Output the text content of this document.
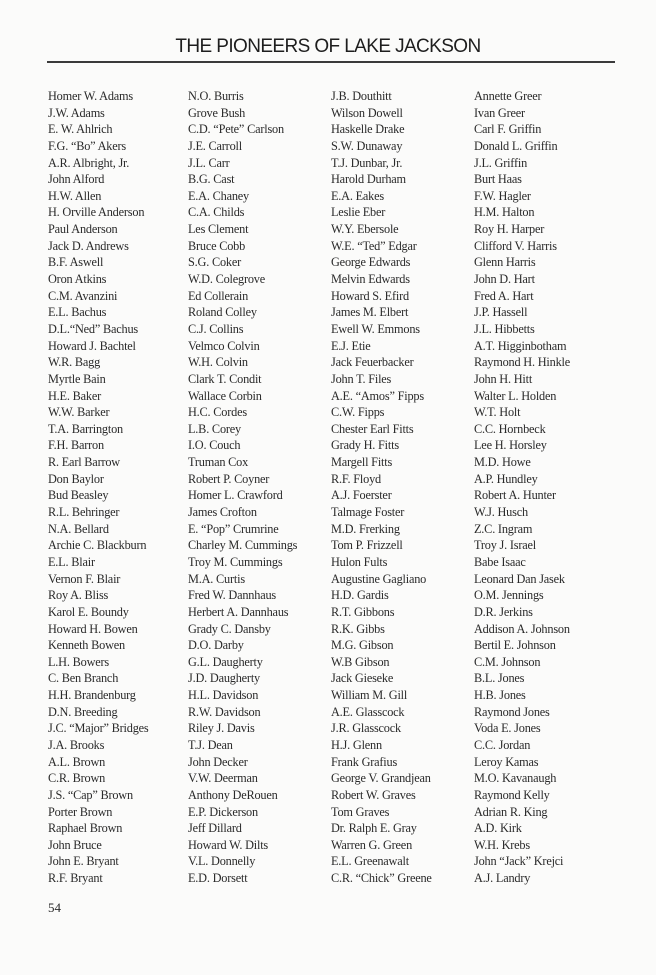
THE PIONEERS OF LAKE JACKSON
Homer W. Adams
J.W. Adams
E. W. Ahlrich
F.G. “Bo” Akers
A.R. Albright, Jr.
John Alford
H.W. Allen
H. Orville Anderson
Paul Anderson
Jack D. Andrews
B.F. Aswell
Oron Atkins
C.M. Avanzini
E.L. Bachus
D.L.“Ned” Bachus
Howard J. Bachtel
W.R. Bagg
Myrtle Bain
H.E. Baker
W.W. Barker
T.A. Barrington
F.H. Barron
R. Earl Barrow
Don Baylor
Bud Beasley
R.L. Behringer
N.A. Bellard
Archie C. Blackburn
E.L. Blair
Vernon F. Blair
Roy A. Bliss
Karol E. Boundy
Howard H. Bowen
Kenneth Bowen
L.H. Bowers
C. Ben Branch
H.H. Brandenburg
D.N. Breeding
J.C. “Major” Bridges
J.A. Brooks
A.L. Brown
C.R. Brown
J.S. “Cap” Brown
Porter Brown
Raphael Brown
John Bruce
John E. Bryant
R.F. Bryant
N.O. Burris
Grove Bush
C.D. “Pete” Carlson
J.E. Carroll
J.L. Carr
B.G. Cast
E.A. Chaney
C.A. Childs
Les Clement
Bruce Cobb
S.G. Coker
W.D. Colegrove
Ed Collerain
Roland Colley
C.J. Collins
Velmco Colvin
W.H. Colvin
Clark T. Condit
Wallace Corbin
H.C. Cordes
L.B. Corey
I.O. Couch
Truman Cox
Robert P. Coyner
Homer L. Crawford
James Crofton
E. “Pop” Crumrine
Charley M. Cummings
Troy M. Cummings
M.A. Curtis
Fred W. Dannhaus
Herbert A. Dannhaus
Grady C. Dansby
D.O. Darby
G.L. Daugherty
J.D. Daugherty
H.L. Davidson
R.W. Davidson
Riley J. Davis
T.J. Dean
John Decker
V.W. Deerman
Anthony DeRouen
E.P. Dickerson
Jeff Dillard
Howard W. Dilts
V.L. Donnelly
E.D. Dorsett
J.B. Douthitt
Wilson Dowell
Haskelle Drake
S.W. Dunaway
T.J. Dunbar, Jr.
Harold Durham
E.A. Eakes
Leslie Eber
W.Y. Ebersole
W.E. “Ted” Edgar
George Edwards
Melvin Edwards
Howard S. Efird
James M. Elbert
Ewell W. Emmons
E.J. Etie
Jack Feuerbacker
John T. Files
A.E. “Amos” Fipps
C.W. Fipps
Chester Earl Fitts
Grady H. Fitts
Margell Fitts
R.F. Floyd
A.J. Foerster
Talmage Foster
M.D. Frerking
Tom P. Frizzell
Hulon Fults
Augustine Gagliano
H.D. Gardis
R.T. Gibbons
R.K. Gibbs
M.G. Gibson
W.B Gibson
Jack Gieseke
William M. Gill
A.E. Glasscock
J.R. Glasscock
H.J. Glenn
Frank Grafius
George V. Grandjean
Robert W. Graves
Tom Graves
Dr. Ralph E. Gray
Warren G. Green
E.L. Greenawalt
C.R. “Chick” Greene
Annette Greer
Ivan Greer
Carl F. Griffin
Donald L. Griffin
J.L. Griffin
Burt Haas
F.W. Hagler
H.M. Halton
Roy H. Harper
Clifford V. Harris
Glenn Harris
John D. Hart
Fred A. Hart
J.P. Hassell
J.L. Hibbetts
A.T. Higginbotham
Raymond H. Hinkle
John H. Hitt
Walter L. Holden
W.T. Holt
C.C. Hornbeck
Lee H. Horsley
M.D. Howe
A.P. Hundley
Robert A. Hunter
W.J. Husch
Z.C. Ingram
Troy J. Israel
Babe Isaac
Leonard Dan Jasek
O.M. Jennings
D.R. Jerkins
Addison A. Johnson
Bertil E. Johnson
C.M. Johnson
B.L. Jones
H.B. Jones
Raymond Jones
Voda E. Jones
C.C. Jordan
Leroy Kamas
M.O. Kavanaugh
Raymond Kelly
Adrian R. King
A.D. Kirk
W.H. Krebs
John “Jack” Krejci
A.J. Landry
54
